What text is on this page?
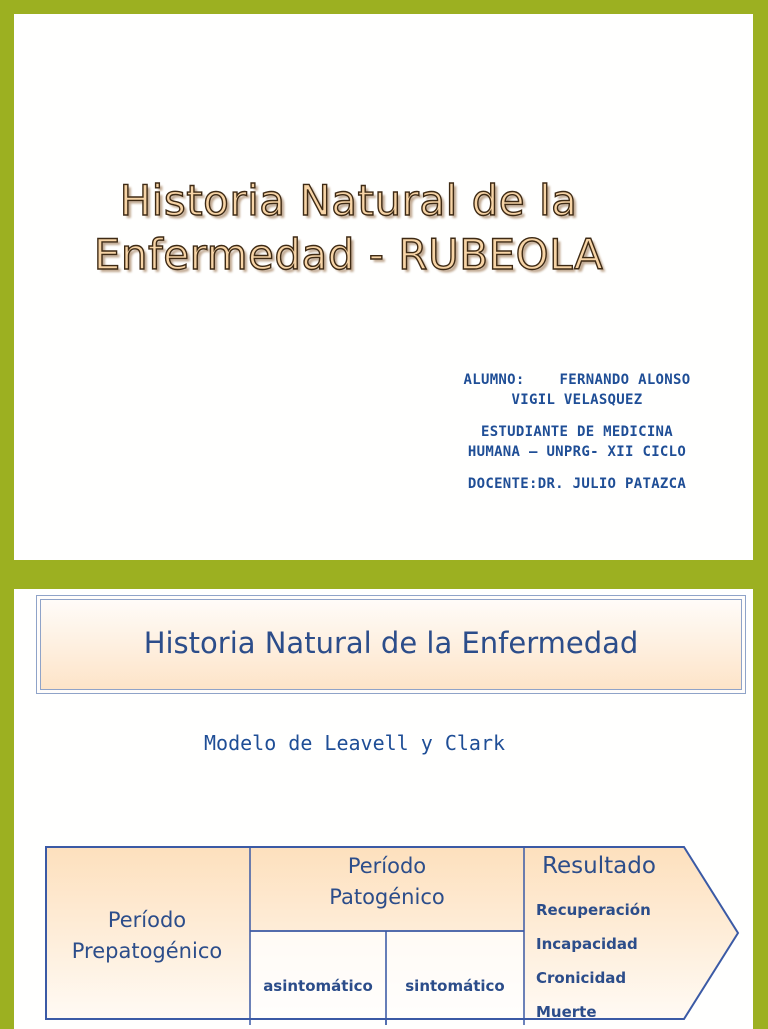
Historia Natural de la
Enfermedad - RUBEOLA
ALUMNO:    FERNANDO ALONSO
VIGIL VELASQUEZ
ESTUDIANTE DE MEDICINA
HUMANA – UNPRG- XII CICLO
DOCENTE:DR. JULIO PATAZCA
Historia Natural de la Enfermedad
Modelo de Leavell y Clark
Período
Prepatogénico
Período
Patogénico
asintomático	sintomático
Resultado
Recuperación
Incapacidad
Cronicidad
Muerte
